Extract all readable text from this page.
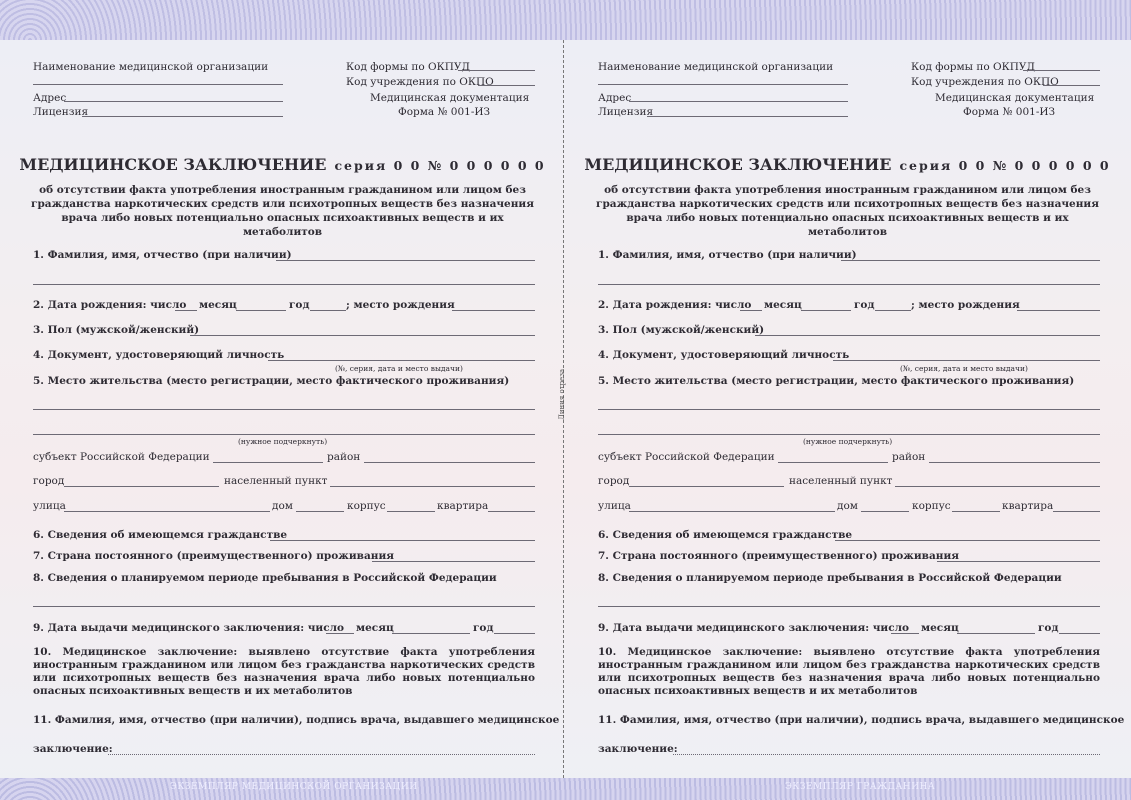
Линия отреза
Наименование медицинской организации
Адрес
Лицензия
Код формы по ОКПУД
Код учреждения по ОКПО
Медицинская документация
Форма № 001-ИЗ
МЕДИЦИНСКОЕ ЗАКЛЮЧЕНИЕ серия 0 0 № 0 0 0 0 0 0
об отсутствии факта употребления иностранным гражданином или лицом без гражданства наркотических средств или психотропных веществ без назначения врача либо новых потенциально опасных психоактивных веществ и их метаболитов
1. Фамилия, имя, отчество (при наличии)
2. Дата рождения: число месяц	год	; место рождения
3. Пол (мужской/женский)
4. Документ, удостоверяющий личность
(№, серия, дата и место выдачи)
5. Место жительства (место регистрации, место фактического проживания)
(нужное подчеркнуть)
субъект Российской Федерации	район
город	населенный пункт
улица	дом	корпус	квартира
6. Сведения об имеющемся гражданстве
7. Страна постоянного (преимущественного) проживания
8. Сведения о планируемом периоде пребывания в Российской Федерации
9. Дата выдачи медицинского заключения: число месяц	год
10. Медицинское заключение: выявлено отсутствие факта употребления иностранным гражданином или лицом без гражданства наркотических средств или психотропных веществ без назначения врача либо новых потенциально опасных психоактивных веществ и их метаболитов
11. Фамилия, имя, отчество (при наличии), подпись врача, выдавшего медицинское
заключение:
ЭКЗЕМПЛЯР МЕДИЦИНСКОЙ ОРГАНИЗАЦИИ
Наименование медицинской организации
Адрес
Лицензия
Код формы по ОКПУД
Код учреждения по ОКПО
Медицинская документация
Форма № 001-ИЗ
МЕДИЦИНСКОЕ ЗАКЛЮЧЕНИЕ серия 0 0 № 0 0 0 0 0 0
об отсутствии факта употребления иностранным гражданином или лицом без гражданства наркотических средств или психотропных веществ без назначения врача либо новых потенциально опасных психоактивных веществ и их метаболитов
1. Фамилия, имя, отчество (при наличии)
2. Дата рождения: число месяц	год	; место рождения
3. Пол (мужской/женский)
4. Документ, удостоверяющий личность
(№, серия, дата и место выдачи)
5. Место жительства (место регистрации, место фактического проживания)
(нужное подчеркнуть)
субъект Российской Федерации	район
город	населенный пункт
улица	дом	корпус	квартира
6. Сведения об имеющемся гражданстве
7. Страна постоянного (преимущественного) проживания
8. Сведения о планируемом периоде пребывания в Российской Федерации
9. Дата выдачи медицинского заключения: число месяц	год
10. Медицинское заключение: выявлено отсутствие факта употребления иностранным гражданином или лицом без гражданства наркотических средств или психотропных веществ без назначения врача либо новых потенциально опасных психоактивных веществ и их метаболитов
11. Фамилия, имя, отчество (при наличии), подпись врача, выдавшего медицинское
заключение:
ЭКЗЕМПЛЯР ГРАЖДАНИНА
